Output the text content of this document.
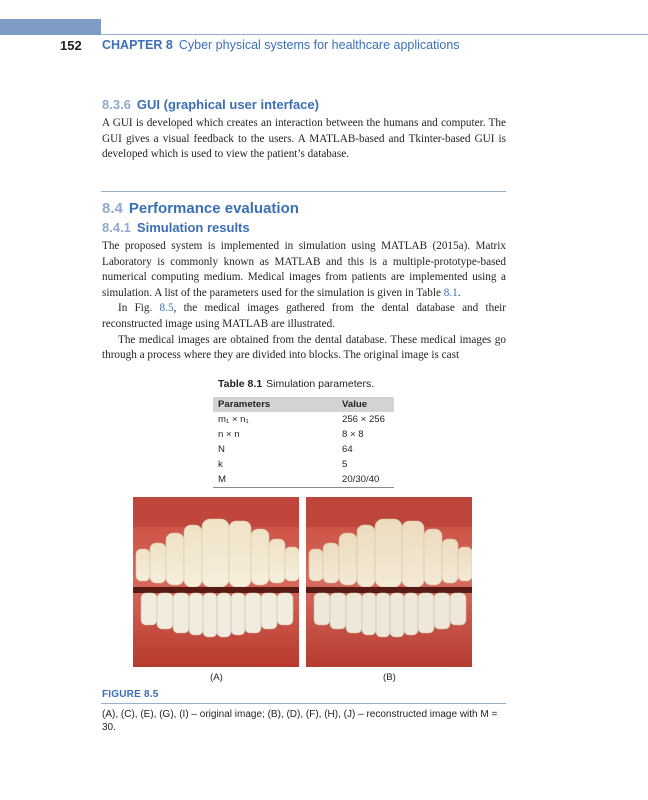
152 CHAPTER 8 Cyber physical systems for healthcare applications
8.3.6 GUI (graphical user interface)

A GUI is developed which creates an interaction between the humans and computer. The GUI gives a visual feedback to the users. A MATLAB-based and Tkinter-based GUI is developed which is used to view the patient’s database.

8.4 Performance evaluation
8.4.1 Simulation results

The proposed system is implemented in simulation using MATLAB (2015a). Matrix Laboratory is commonly known as MATLAB and this is a multiple-prototype-based numerical computing medium. Medical images from patients are implemented using a simulation. A list of the parameters used for the simulation is given in Table 8.1.

In Fig. 8.5, the medical images gathered from the dental database and their reconstructed image using MATLAB are illustrated.

The medical images are obtained from the dental database. These medical images go through a process where they are divided into blocks. The original image is cast

Table 8.1 Simulation parameters.
Parameters	Value
m₁ × n₁	256 × 256
n × n	8 × 8
N	64
k	5
M	20/30/40
(A)	(B)
FIGURE 8.5
(A), (C), (E), (G), (I) – original image; (B), (D), (F), (H), (J) – reconstructed image with M = 30.
